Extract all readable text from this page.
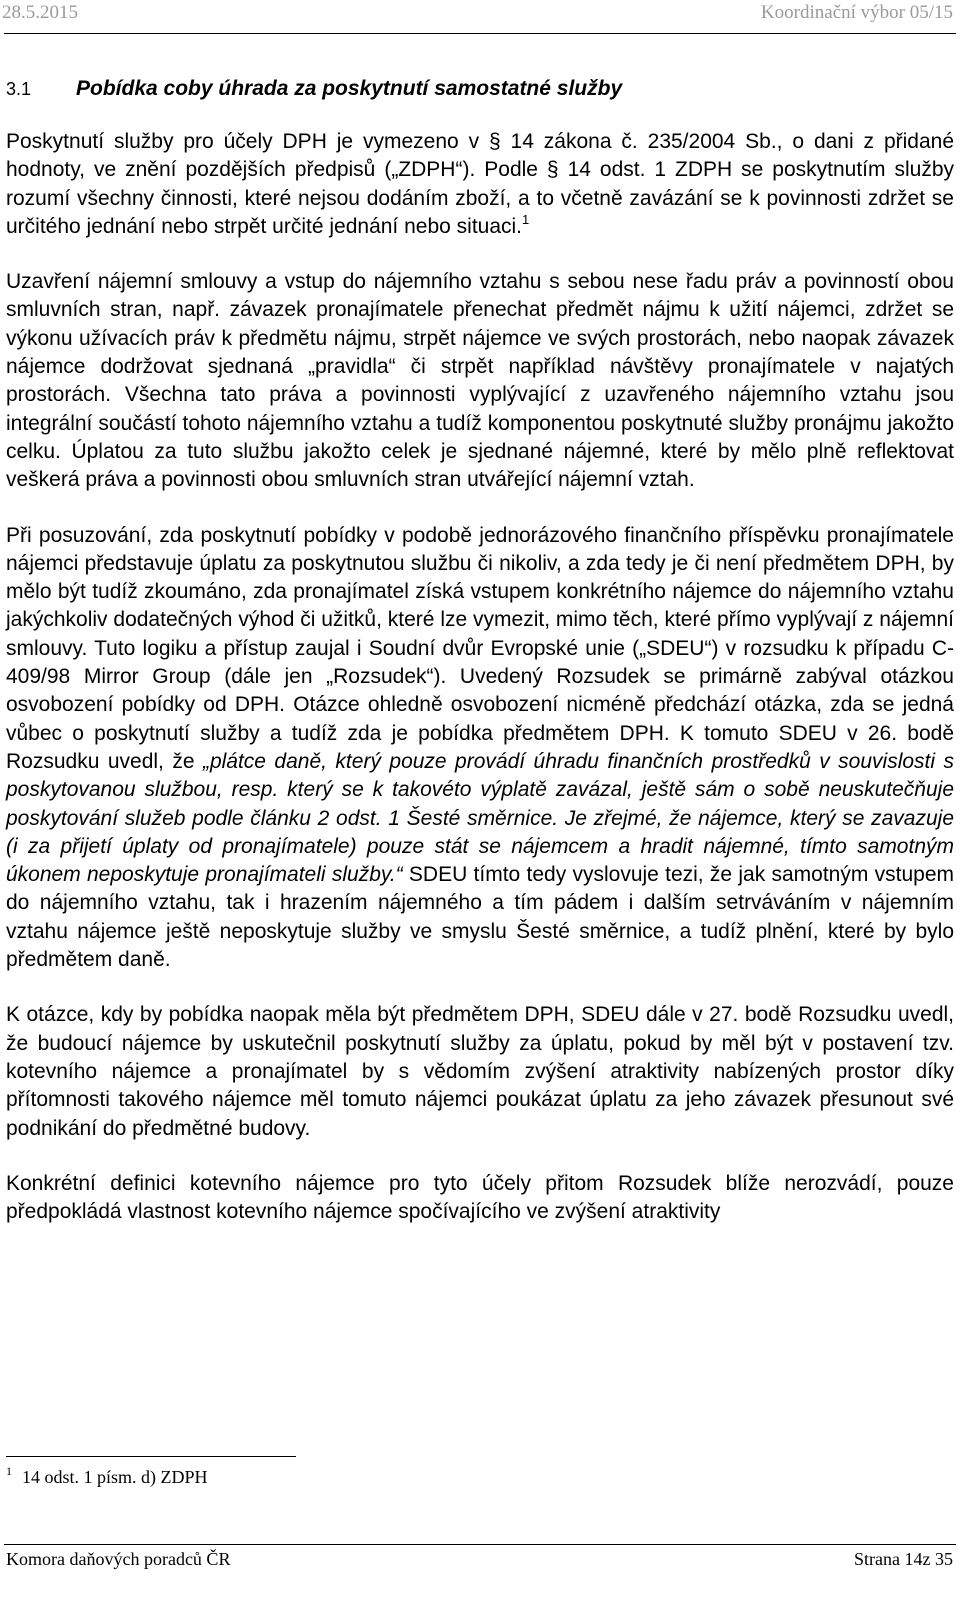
28.5.2015	Koordinační výbor 05/15
3.1 Pobídka coby úhrada za poskytnutí samostatné služby

Poskytnutí služby pro účely DPH je vymezeno v § 14 zákona č. 235/2004 Sb., o dani z přidané hodnoty, ve znění pozdějších předpisů („ZDPH“). Podle § 14 odst. 1 ZDPH se poskytnutím služby rozumí všechny činnosti, které nejsou dodáním zboží, a to včetně zavázání se k povinnosti zdržet se určitého jednání nebo strpět určité jednání nebo situaci.$^1$

Uzavření nájemní smlouvy a vstup do nájemního vztahu s sebou nese řadu práv a povinností obou smluvních stran, např. závazek pronajímatele přenechat předmět nájmu k užití nájemci, zdržet se výkonu užívacích práv k předmětu nájmu, strpět nájemce ve svých prostorách, nebo naopak závazek nájemce dodržovat sjednaná „pravidla“ či strpět například návštěvy pronajímatele v najatých prostorách. Všechna tato práva a povinnosti vyplývající z uzavřeného nájemního vztahu jsou integrální součástí tohoto nájemního vztahu a tudíž komponentou poskytnuté služby pronájmu jakožto celku. Úplatou za tuto službu jakožto celek je sjednané nájemné, které by mělo plně reflektovat veškerá práva a povinnosti obou smluvních stran utvářející nájemní vztah.

Při posuzování, zda poskytnutí pobídky v podobě jednorázového finančního příspěvku pronajímatele nájemci představuje úplatu za poskytnutou službu či nikoliv, a zda tedy je či není předmětem DPH, by mělo být tudíž zkoumáno, zda pronajímatel získá vstupem konkrétního nájemce do nájemního vztahu jakýchkoliv dodatečných výhod či užitků, které lze vymezit, mimo těch, které přímo vyplývají z nájemní smlouvy. Tuto logiku a přístup zaujal i Soudní dvůr Evropské unie („SDEU“) v rozsudku k případu C-409/98 Mirror Group (dále jen „Rozsudek“). Uvedený Rozsudek se primárně zabýval otázkou osvobození pobídky od DPH. Otázce ohledně osvobození nicméně předchází otázka, zda se jedná vůbec o poskytnutí služby a tudíž zda je pobídka předmětem DPH. K tomuto SDEU v 26. bodě Rozsudku uvedl, že „plátce daně, který pouze provádí úhradu finančních prostředků v souvislosti s poskytovanou službou, resp. který se k takovéto výplatě zavázal, ještě sám o sobě neuskutečňuje poskytování služeb podle článku 2 odst. 1 Šesté směrnice. Je zřejmé, že nájemce, který se zavazuje (i za přijetí úplaty od pronajímatele) pouze stát se nájemcem a hradit nájemné, tímto samotným úkonem neposkytuje pronajímateli služby.“ SDEU tímto tedy vyslovuje tezi, že jak samotným vstupem do nájemního vztahu, tak i hrazením nájemného a tím pádem i dalším setrváváním v nájemním vztahu nájemce ještě neposkytuje služby ve smyslu Šesté směrnice, a tudíž plnění, které by bylo předmětem daně.

K otázce, kdy by pobídka naopak měla být předmětem DPH, SDEU dále v 27. bodě Rozsudku uvedl, že budoucí nájemce by uskutečnil poskytnutí služby za úplatu, pokud by měl být v postavení tzv. kotevního nájemce a pronajímatel by s vědomím zvýšení atraktivity nabízených prostor díky přítomnosti takového nájemce měl tomuto nájemci poukázat úplatu za jeho závazek přesunout své podnikání do předmětné budovy.

Konkrétní definici kotevního nájemce pro tyto účely přitom Rozsudek blíže nerozvádí, pouze předpokládá vlastnost kotevního nájemce spočívajícího ve zvýšení atraktivity

$^1$ 14 odst. 1 písm. d) ZDPH
Komora daňových poradců ČR	Strana 14z 35
